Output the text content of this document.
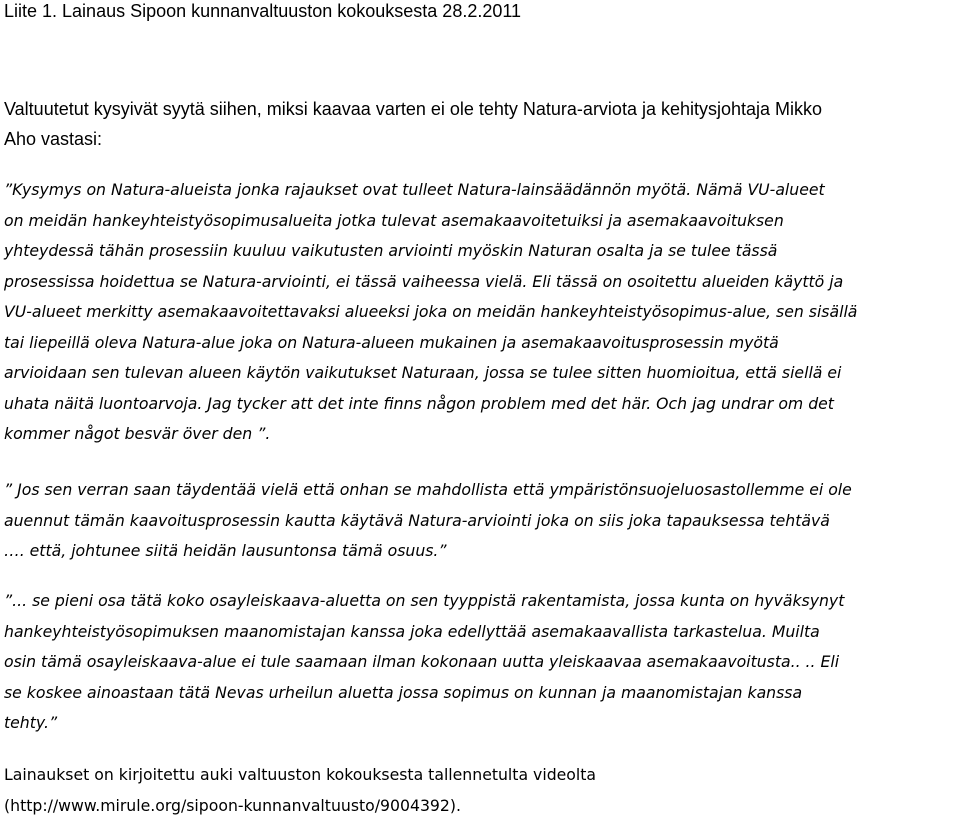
Liite 1. Lainaus Sipoon kunnanvaltuuston kokouksesta 28.2.2011
Valtuutetut kysyivät syytä siihen, miksi kaavaa varten ei ole tehty Natura-arviota ja kehitysjohtaja Mikko
Aho vastasi:
”Kysymys on Natura-alueista jonka rajaukset ovat tulleet Natura-lainsäädännön myötä. Nämä VU-alueet
on meidän hankeyhteistyösopimusalueita jotka tulevat asemakaavoitetuiksi ja asemakaavoituksen
yhteydessä tähän prosessiin kuuluu vaikutusten arviointi myöskin Naturan osalta ja se tulee tässä
prosessissa hoidettua se Natura-arviointi, ei tässä vaiheessa vielä. Eli tässä on osoitettu alueiden käyttö ja
VU-alueet merkitty asemakaavoitettavaksi alueeksi joka on meidän hankeyhteistyösopimus-alue, sen sisällä
tai liepeillä oleva Natura-alue joka on Natura-alueen mukainen ja asemakaavoitusprosessin myötä
arvioidaan sen tulevan alueen käytön vaikutukset Naturaan, jossa se tulee sitten huomioitua, että siellä ei
uhata näitä luontoarvoja. Jag tycker att det inte finns någon problem med det här. Och jag undrar om det
kommer något besvär över den ”.
” Jos sen verran saan täydentää vielä että onhan se mahdollista että ympäristönsuojeluosastollemme ei ole
auennut tämän kaavoitusprosessin kautta käytävä Natura-arviointi joka on siis joka tapauksessa tehtävä
…. että, johtunee siitä heidän lausuntonsa tämä osuus.”
”... se pieni osa tätä koko osayleiskaava-aluetta on sen tyyppistä rakentamista, jossa kunta on hyväksynyt
hankeyhteistyösopimuksen maanomistajan kanssa joka edellyttää asemakaavallista tarkastelua. Muilta
osin tämä osayleiskaava-alue ei tule saamaan ilman kokonaan uutta yleiskaavaa asemakaavoitusta.. .. Eli
se koskee ainoastaan tätä Nevas urheilun aluetta jossa sopimus on kunnan ja maanomistajan kanssa
tehty.”
Lainaukset on kirjoitettu auki valtuuston kokouksesta tallennetulta videolta
(http://www.mirule.org/sipoon-kunnanvaltuusto/9004392).
